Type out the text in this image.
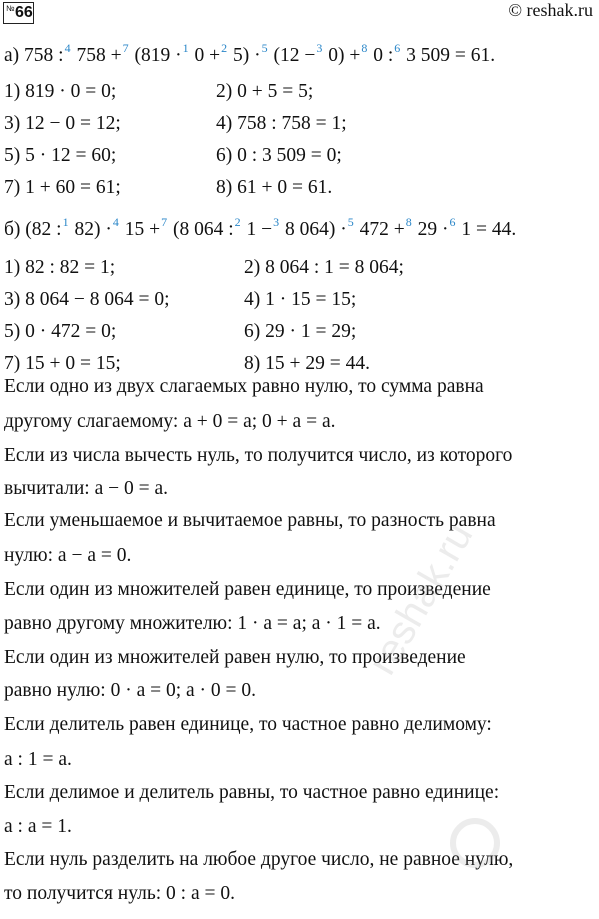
№ 66	© reshak.ru
а) 758 :$^4$ 758 +$^7$ (819 ·$^1$ 0 +$^2$ 5) ·$^5$ (12 −$^3$ 0) +$^8$ 0 :$^6$ 3 509 = 61.
1) 819 · 0 = 0;	2) 0 + 5 = 5;
3) 12 − 0 = 12;	4) 758 : 758 = 1;
5) 5 · 12 = 60;	6) 0 : 3 509 = 0;
7) 1 + 60 = 61;	8) 61 + 0 = 61.
б) (82 :$^1$ 82) ·$^4$ 15 +$^7$ (8 064 :$^2$ 1 −$^3$ 8 064) ·$^5$ 472 +$^8$ 29 ·$^6$ 1 = 44.
1) 82 : 82 = 1;	2) 8 064 : 1 = 8 064;
3) 8 064 − 8 064 = 0;	4) 1 · 15 = 15;
5) 0 · 472 = 0;	6) 29 · 1 = 29;
7) 15 + 0 = 15;	8) 15 + 29 = 44.
Если одно из двух слагаемых равно нулю, то сумма равна
другому слагаемому: a + 0 = a; 0 + a = a.
Если из числа вычесть нуль, то получится число, из которого
вычитали: a − 0 = a.
Если уменьшаемое и вычитаемое равны, то разность равна
нулю: a − a = 0.
Если один из множителей равен единице, то произведение
равно другому множителю: 1 · a = a; a · 1 = a.
Если один из множителей равен нулю, то произведение
равно нулю: 0 · a = 0; a · 0 = 0.
Если делитель равен единице, то частное равно делимому:
a : 1 = a.
Если делимое и делитель равны, то частное равно единице:
a : a = 1.
Если нуль разделить на любое другое число, не равное нулю,
то получится нуль: 0 : a = 0.
reshak.ru
